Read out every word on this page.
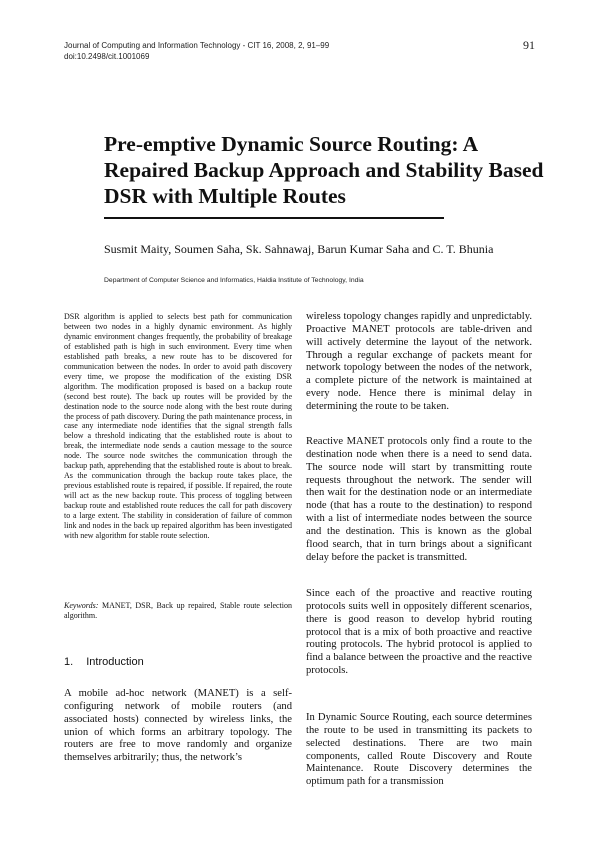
Journal of Computing and Information Technology - CIT 16, 2008, 2, 91–99
doi:10.2498/cit.1001069
91
Pre-emptive Dynamic Source Routing: A Repaired Backup Approach and Stability Based DSR with Multiple Routes
Susmit Maity, Soumen Saha, Sk. Sahnawaj, Barun Kumar Saha and C. T. Bhunia
Department of Computer Science and Informatics, Haldia Institute of Technology, India

DSR algorithm is applied to selects best path for communication between two nodes in a highly dynamic environment. As highly dynamic environment changes frequently, the probability of breakage of established path is high in such environment. Every time when established path breaks, a new route has to be discovered for communication between the nodes. In order to avoid path discovery every time, we propose the modification of the existing DSR algorithm. The modification proposed is based on a backup route (second best route). The back up routes will be provided by the destination node to the source node along with the best route during the process of path discovery. During the path maintenance process, in case any intermediate node identifies that the signal strength falls below a threshold indicating that the established route is about to break, the intermediate node sends a caution message to the source node. The source node switches the communication through the backup path, apprehending that the established route is about to break. As the communication through the backup route takes place, the previous established route is repaired, if possible. If repaired, the route will act as the new backup route. This process of toggling between backup route and established route reduces the call for path discovery to a large extent. The stability in consideration of failure of common link and nodes in the back up repaired algorithm has been investigated with new algorithm for stable route selection.

Keywords: MANET, DSR, Back up repaired, Stable route selection algorithm.

1. Introduction

A mobile ad-hoc network (MANET) is a self-configuring network of mobile routers (and associated hosts) connected by wireless links, the union of which forms an arbitrary topology. The routers are free to move randomly and organize themselves arbitrarily; thus, the network’s

wireless topology changes rapidly and unpredictably. Proactive MANET protocols are table-driven and will actively determine the layout of the network. Through a regular exchange of packets meant for network topology between the nodes of the network, a complete picture of the network is maintained at every node. Hence there is minimal delay in determining the route to be taken.

Reactive MANET protocols only find a route to the destination node when there is a need to send data. The source node will start by transmitting route requests throughout the network. The sender will then wait for the destination node or an intermediate node (that has a route to the destination) to respond with a list of intermediate nodes between the source and the destination. This is known as the global flood search, that in turn brings about a significant delay before the packet is transmitted.

Since each of the proactive and reactive routing protocols suits well in oppositely different scenarios, there is good reason to develop hybrid routing protocol that is a mix of both proactive and reactive routing protocols. The hybrid protocol is applied to find a balance between the proactive and the reactive protocols.

In Dynamic Source Routing, each source determines the route to be used in transmitting its packets to selected destinations. There are two main components, called Route Discovery and Route Maintenance. Route Discovery determines the optimum path for a transmission
